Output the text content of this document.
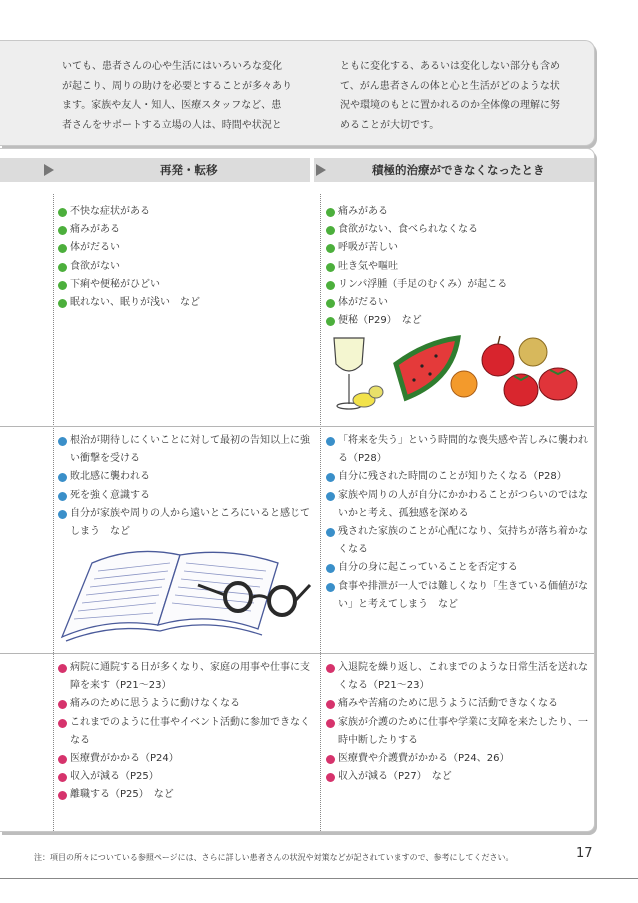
いても、患者さんの心や生活にはいろいろな変化
が起こり、周りの助けを必要とすることが多々あり
ます。家族や友人・知人、医療スタッフなど、患
者さんをサポートする立場の人は、時間や状況と
ともに変化する、あるいは変化しない部分も含め
て、がん患者さんの体と心と生活がどのような状
況や環境のもとに置かれるのか全体像の理解に努
めることが大切です。
再発・転移	積極的治療ができなくなったとき
不快な症状がある
痛みがある
体がだるい
食欲がない
下痢や便秘がひどい
眠れない、眠りが浅い　など
痛みがある
食欲がない、食べられなくなる
呼吸が苦しい
吐き気や嘔吐
リンパ浮腫（手足のむくみ）が起こる
体がだるい
便秘（P29）　など
根治が期待しにくいことに対して最初の告知以上に強い衝撃を受ける
敗北感に襲われる
死を強く意識する
自分が家族や周りの人から遠いところにいると感じてしまう　など
「将来を失う」という時間的な喪失感や苦しみに襲われる（P28）
自分に残された時間のことが知りたくなる（P28）
家族や周りの人が自分にかかわることがつらいのではないかと考え、孤独感を深める
残された家族のことが心配になり、気持ちが落ち着かなくなる
自分の身に起こっていることを否定する
食事や排泄が一人では難しくなり「生きている価値がない」と考えてしまう　など
病院に通院する日が多くなり、家庭の用事や仕事に支障を来す（P21〜23）
痛みのために思うように動けなくなる
これまでのように仕事やイベント活動に参加できなくなる
医療費がかかる（P24）
収入が減る（P25）
離職する（P25）　など
入退院を繰り返し、これまでのような日常生活を送れなくなる（P21〜23）
痛みや苦痛のために思うように活動できなくなる
家族が介護のために仕事や学業に支障を来たしたり、一時中断したりする
医療費や介護費がかかる（P24、26）
収入が減る（P27）　など
注：項目の所々についている参照ページには、さらに詳しい患者さんの状況や対策などが記されていますので、参考にしてください。	17
